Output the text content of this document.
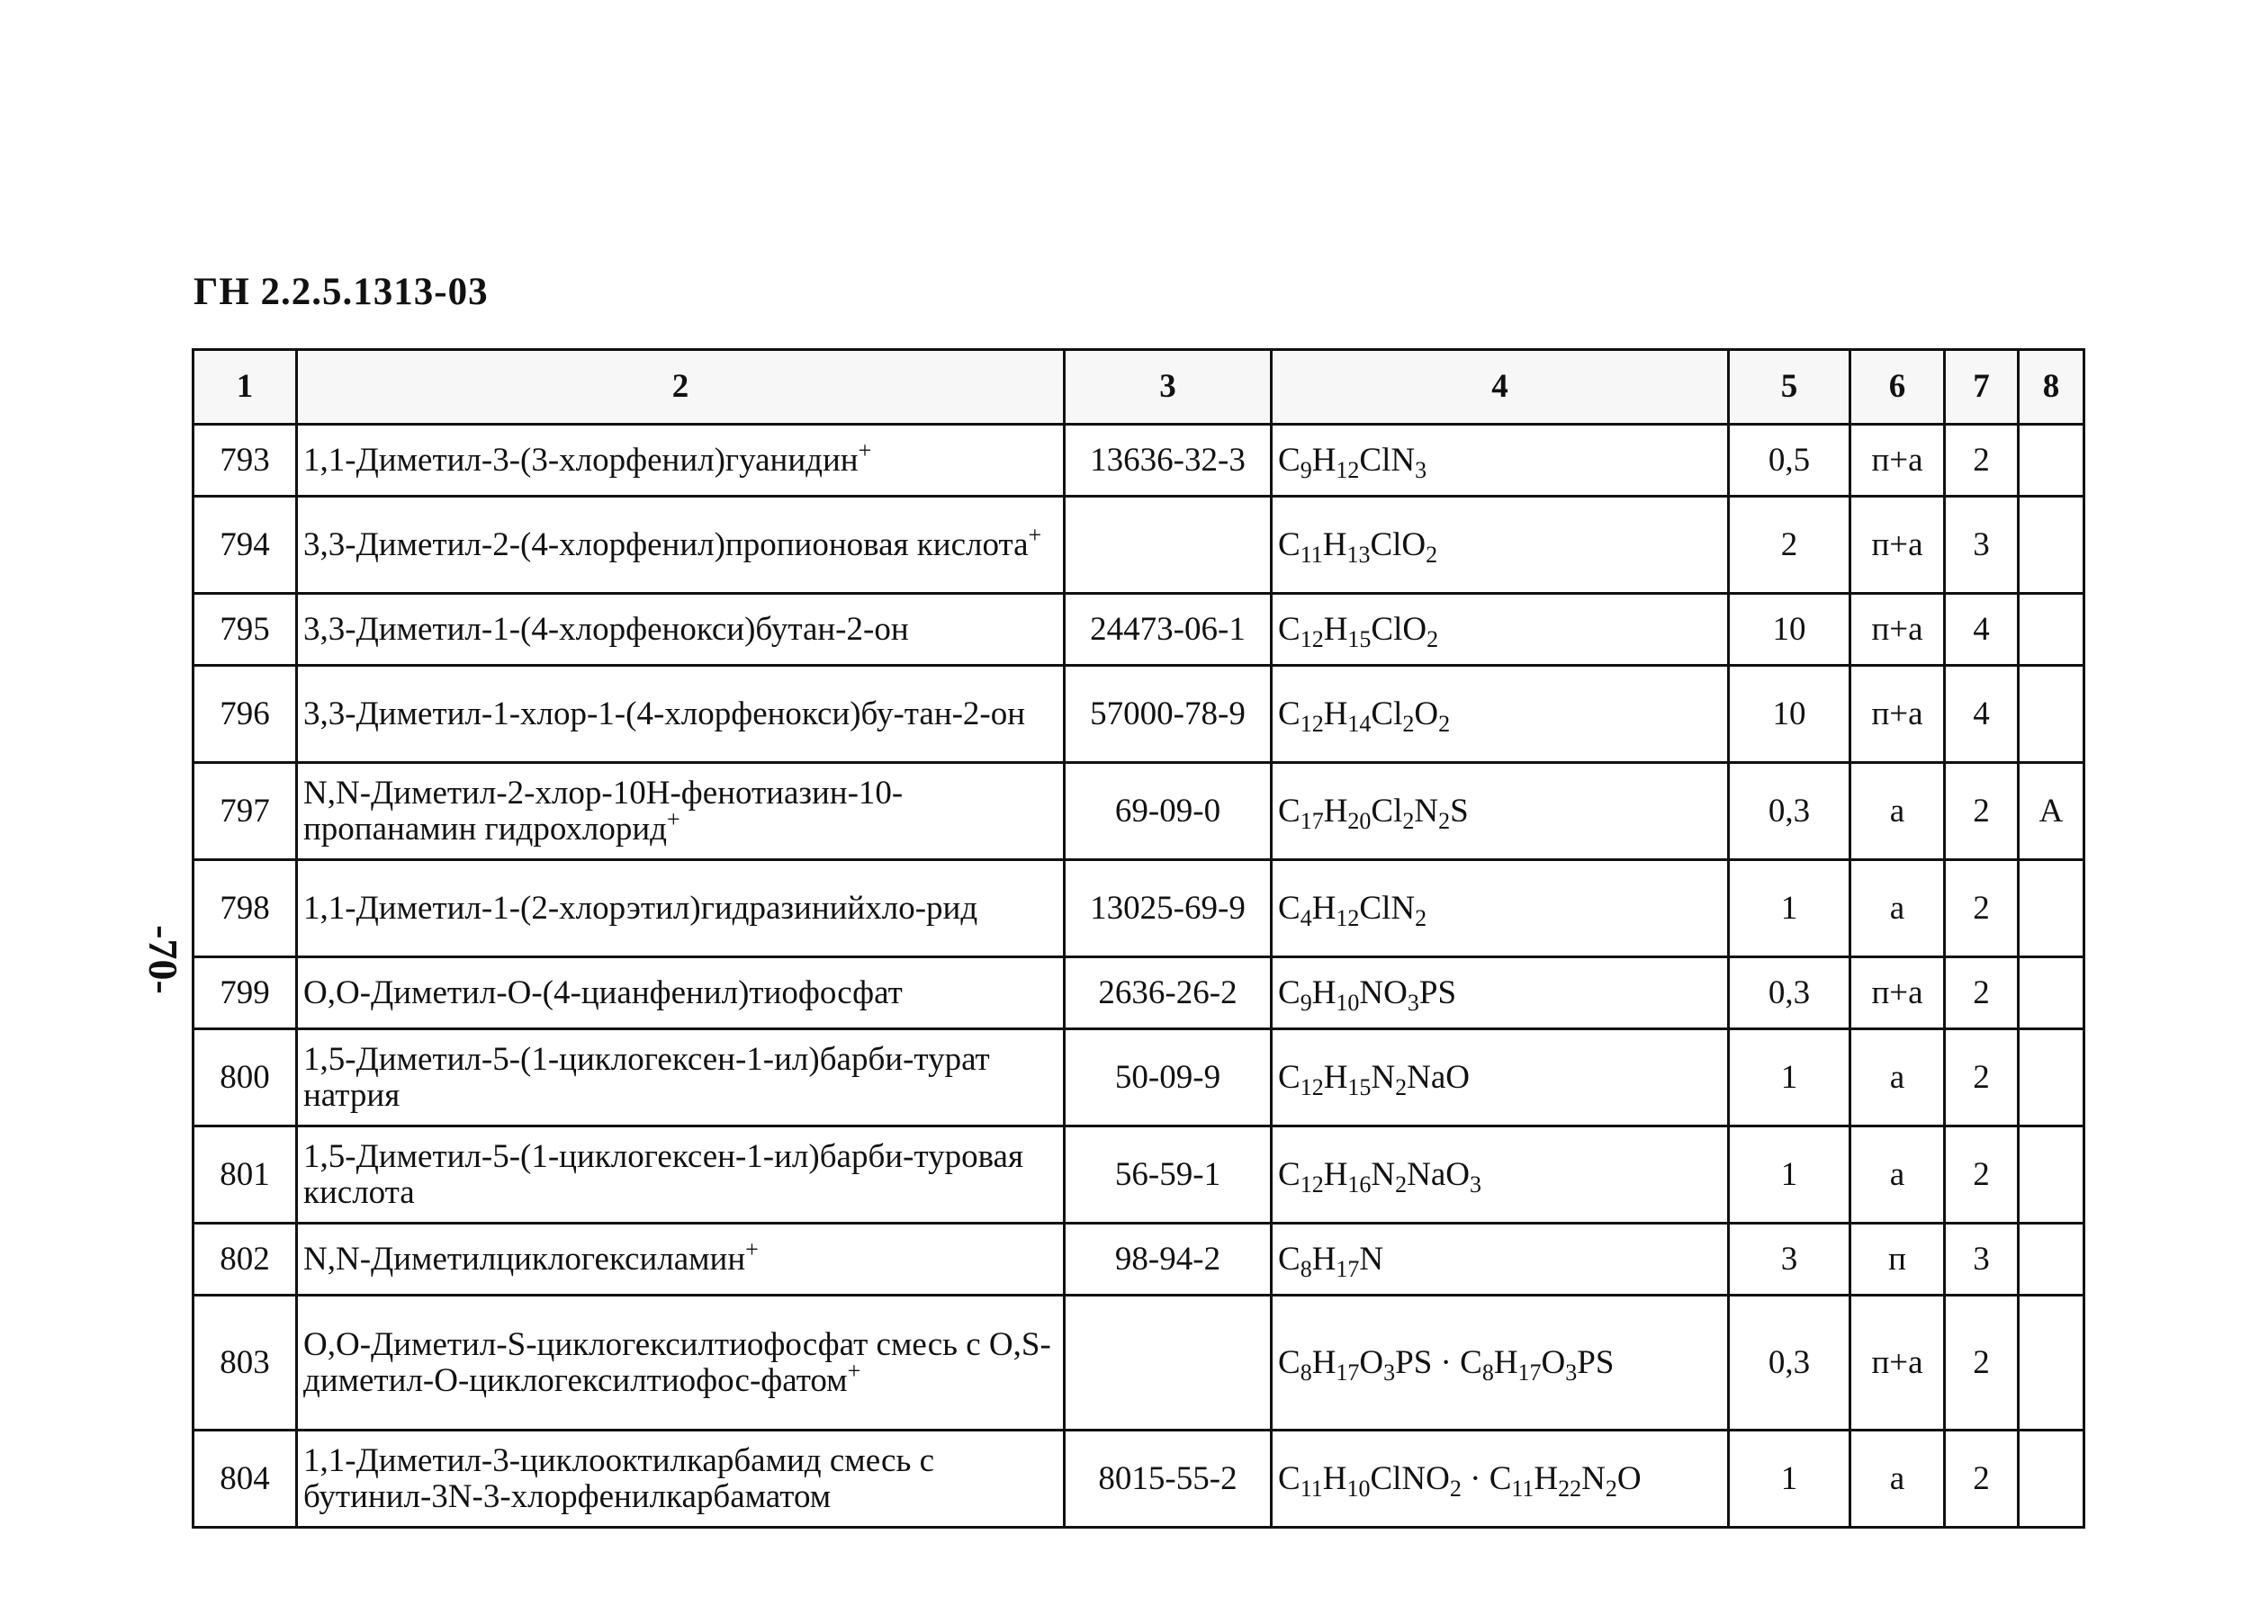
ГН 2.2.5.1313-03
-70-
1	2	3	4	5	6	7	8
793	1,1-Диметил-3-(3-хлорфенил)гуанидин+	13636-32-3	$C_9H_{12}ClN_3$	0,5	п+а	2	
794	3,3-Диметил-2-(4-хлорфенил)пропионовая кислота+		$C_{11}H_{13}ClO_2$	2	п+а	3	
795	3,3-Диметил-1-(4-хлорфенокси)бутан-2-он	24473-06-1	$C_{12}H_{15}ClO_2$	10	п+а	4	
796	3,3-Диметил-1-хлор-1-(4-хлорфенокси)бу-тан-2-он	57000-78-9	$C_{12}H_{14}Cl_2O_2$	10	п+а	4	
797	N,N-Диметил-2-хлор-10Н-фенотиазин-10-пропанамин гидрохлорид+	69-09-0	$C_{17}H_{20}Cl_2N_2S$	0,3	а	2	А
798	1,1-Диметил-1-(2-хлорэтил)гидразинийхло-рид	13025-69-9	$C_4H_{12}ClN_2$	1	а	2	
799	O,O-Диметил-O-(4-цианфенил)тиофосфат	2636-26-2	$C_9H_{10}NO_3PS$	0,3	п+а	2	
800	1,5-Диметил-5-(1-циклогексен-1-ил)барби-турат натрия	50-09-9	$C_{12}H_{15}N_2NaO$	1	а	2	
801	1,5-Диметил-5-(1-циклогексен-1-ил)барби-туровая кислота	56-59-1	$C_{12}H_{16}N_2NaO_3$	1	а	2	
802	N,N-Диметилциклогексиламин+	98-94-2	$C_8H_{17}N$	3	п	3	
803	O,O-Диметил-S-циклогексилтиофосфат смесь с O,S-диметил-O-циклогексилтиофос-фатом+		$C_8H_{17}O_3PS \cdot C_8H_{17}O_3PS$	0,3	п+а	2	
804	1,1-Диметил-3-циклооктилкарбамид смесь с бутинил-3N-3-хлорфенилкарбаматом	8015-55-2	$C_{11}H_{10}ClNO_2 \cdot C_{11}H_{22}N_2O$	1	а	2	
